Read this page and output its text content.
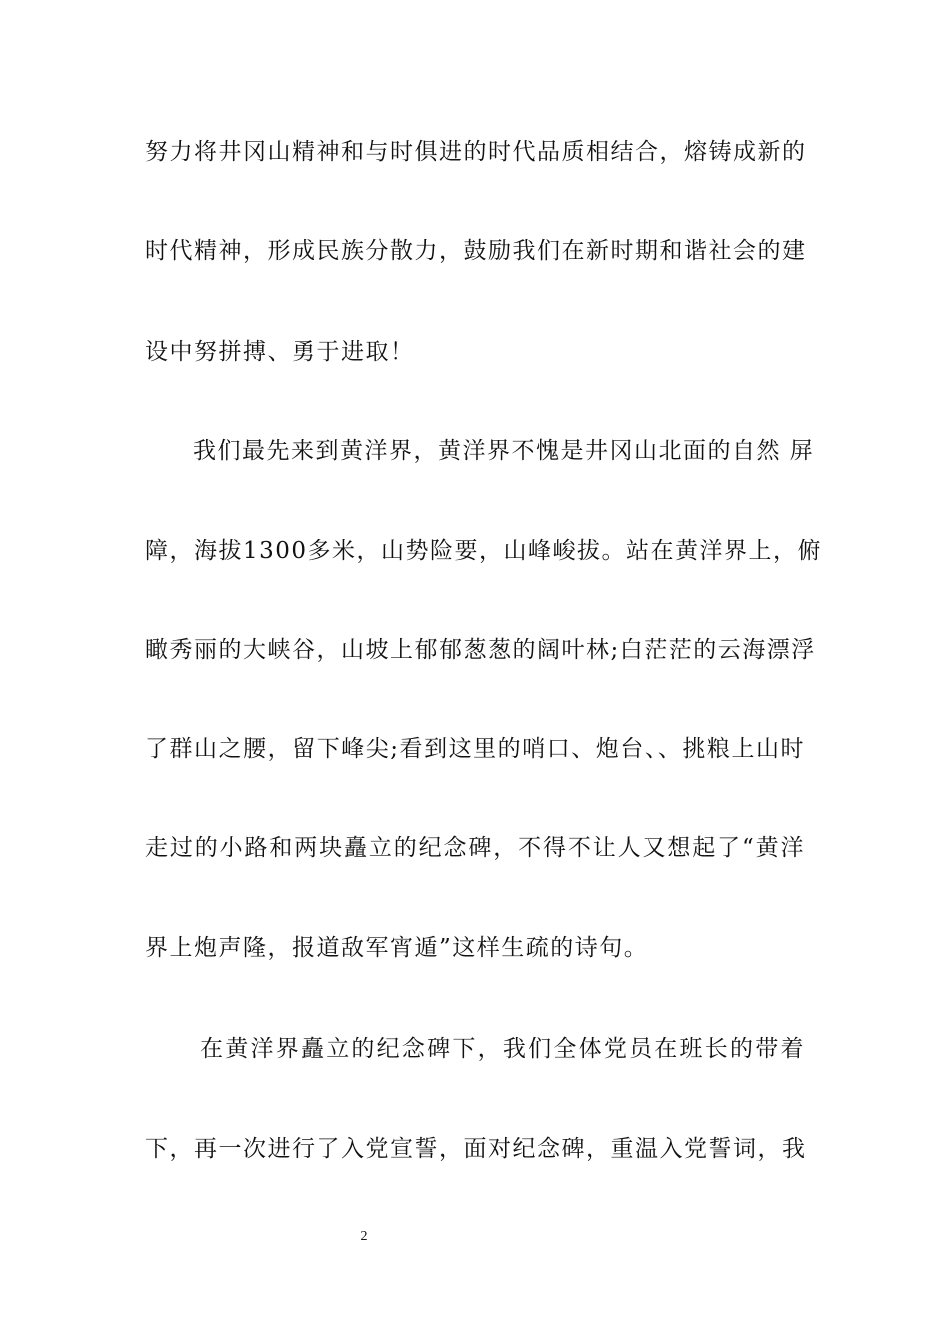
努力将井冈山精神和与时俱进的时代品质相结合，熔铸成新的
时代精神，形成民族分散力，鼓励我们在新时期和谐社会的建
设中努拼搏、勇于进取！
我们最先来到黄洋界，黄洋界不愧是井冈山北面的自然 屏
障，海拔1300多米，山势险要，山峰峻拔。站在黄洋界上，俯
瞰秀丽的大峡谷，山坡上郁郁葱葱的阔叶林;白茫茫的云海漂浮
了群山之腰，留下峰尖;看到这里的哨口、炮台、、挑粮上山时
走过的小路和两块矗立的纪念碑，不得不让人又想起了“黄洋
界上炮声隆，报道敌军宵遁”这样生疏的诗句。
在黄洋界矗立的纪念碑下，我们全体党员在班长的带着
下，再一次进行了入党宣誓，面对纪念碑，重温入党誓词，我
2
